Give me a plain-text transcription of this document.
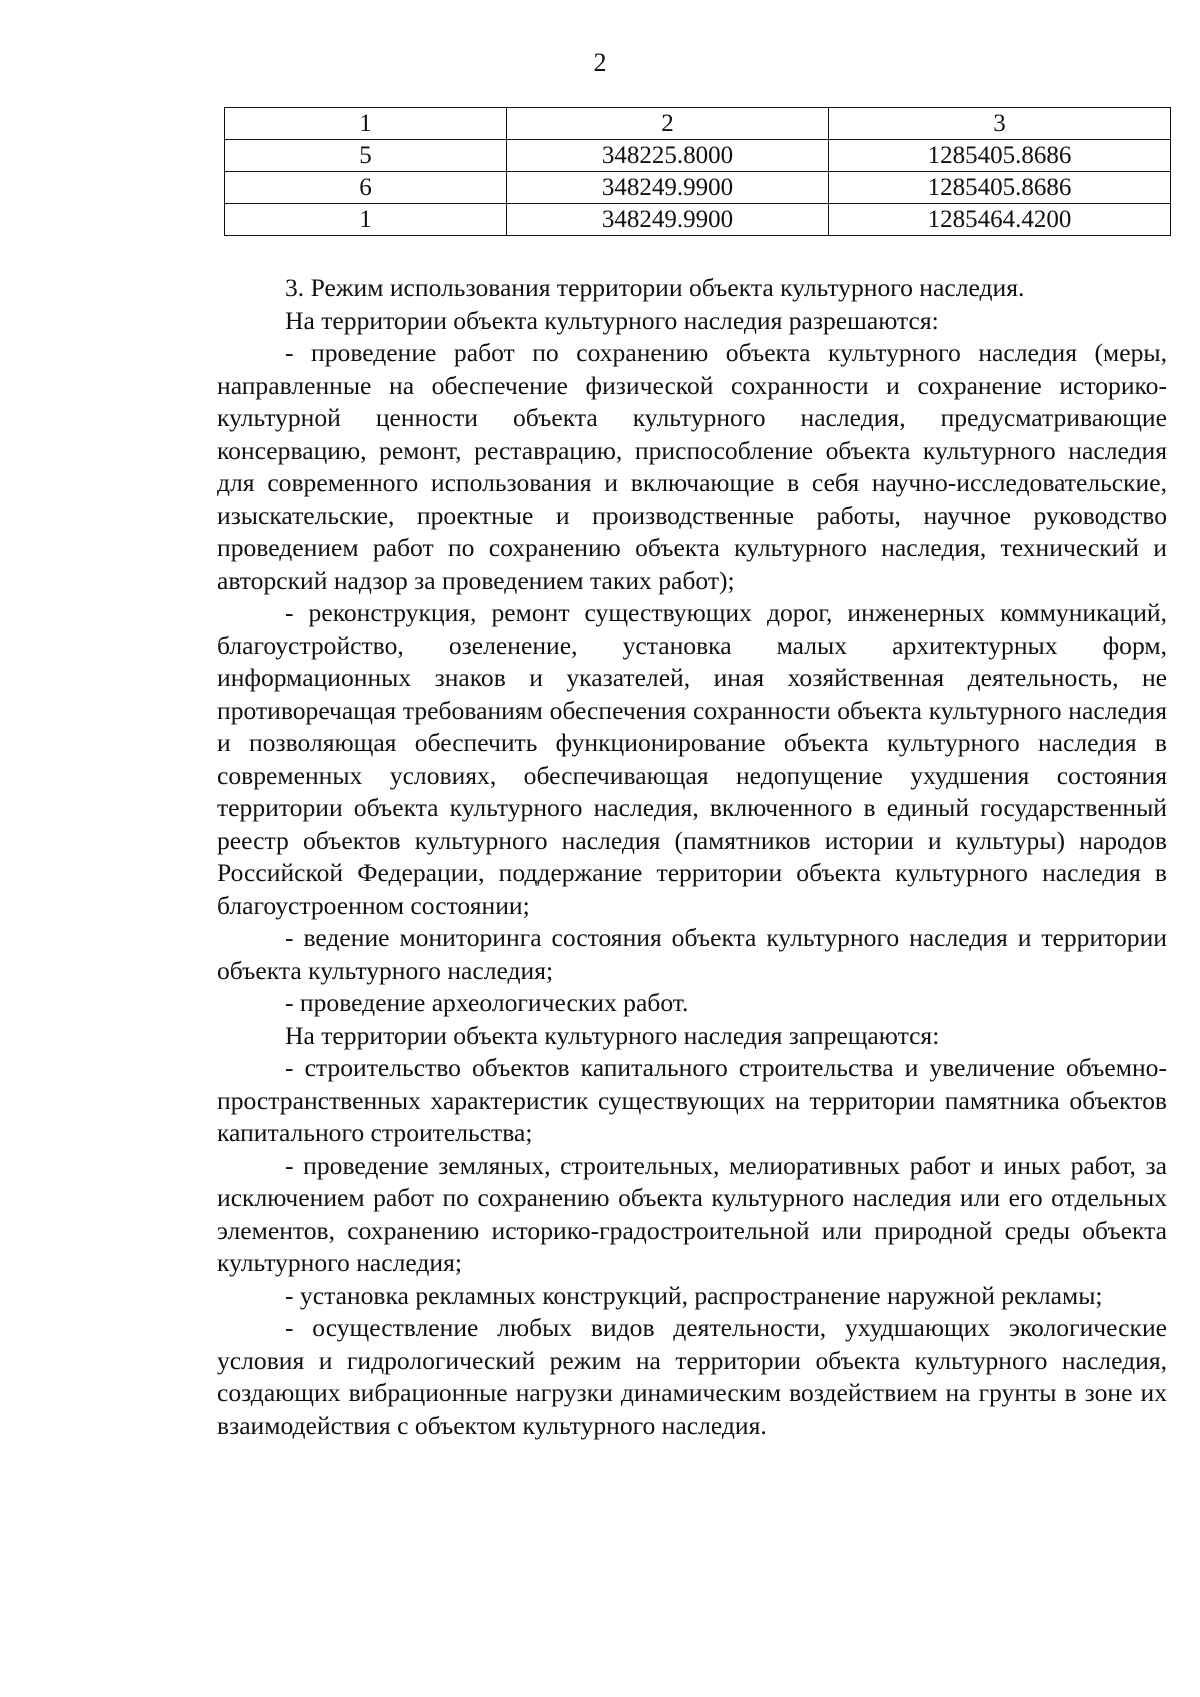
2
1	2	3
5	348225.8000	1285405.8686
6	348249.9900	1285405.8686
1	348249.9900	1285464.4200

3. Режим использования территории объекта культурного наследия.

На территории объекта культурного наследия разрешаются:

- проведение работ по сохранению объекта культурного наследия (меры, направленные на обеспечение физической сохранности и сохранение историко-культурной ценности объекта культурного наследия, предусматривающие консервацию, ремонт, реставрацию, приспособление объекта культурного наследия для современного использования и включающие в себя научно-исследовательские, изыскательские, проектные и производственные работы, научное руководство проведением работ по сохранению объекта культурного наследия, технический и авторский надзор за проведением таких работ);

- реконструкция, ремонт существующих дорог, инженерных коммуникаций, благоустройство, озеленение, установка малых архитектурных форм, информационных знаков и указателей, иная хозяйственная деятельность, не противоречащая требованиям обеспечения сохранности объекта культурного наследия и позволяющая обеспечить функционирование объекта культурного наследия в современных условиях, обеспечивающая недопущение ухудшения состояния территории объекта культурного наследия, включенного в единый государственный реестр объектов культурного наследия (памятников истории и культуры) народов Российской Федерации, поддержание территории объекта культурного наследия в благоустроенном состоянии;

- ведение мониторинга состояния объекта культурного наследия и территории объекта культурного наследия;

- проведение археологических работ.

На территории объекта культурного наследия запрещаются:

- строительство объектов капитального строительства и увеличение объемно-пространственных характеристик существующих на территории памятника объектов капитального строительства;

- проведение земляных, строительных, мелиоративных работ и иных работ, за исключением работ по сохранению объекта культурного наследия или его отдельных элементов, сохранению историко-градостроительной или природной среды объекта культурного наследия;

- установка рекламных конструкций, распространение наружной рекламы;

- осуществление любых видов деятельности, ухудшающих экологические условия и гидрологический режим на территории объекта культурного наследия, создающих вибрационные нагрузки динамическим воздействием на грунты в зоне их взаимодействия с объектом культурного наследия.
